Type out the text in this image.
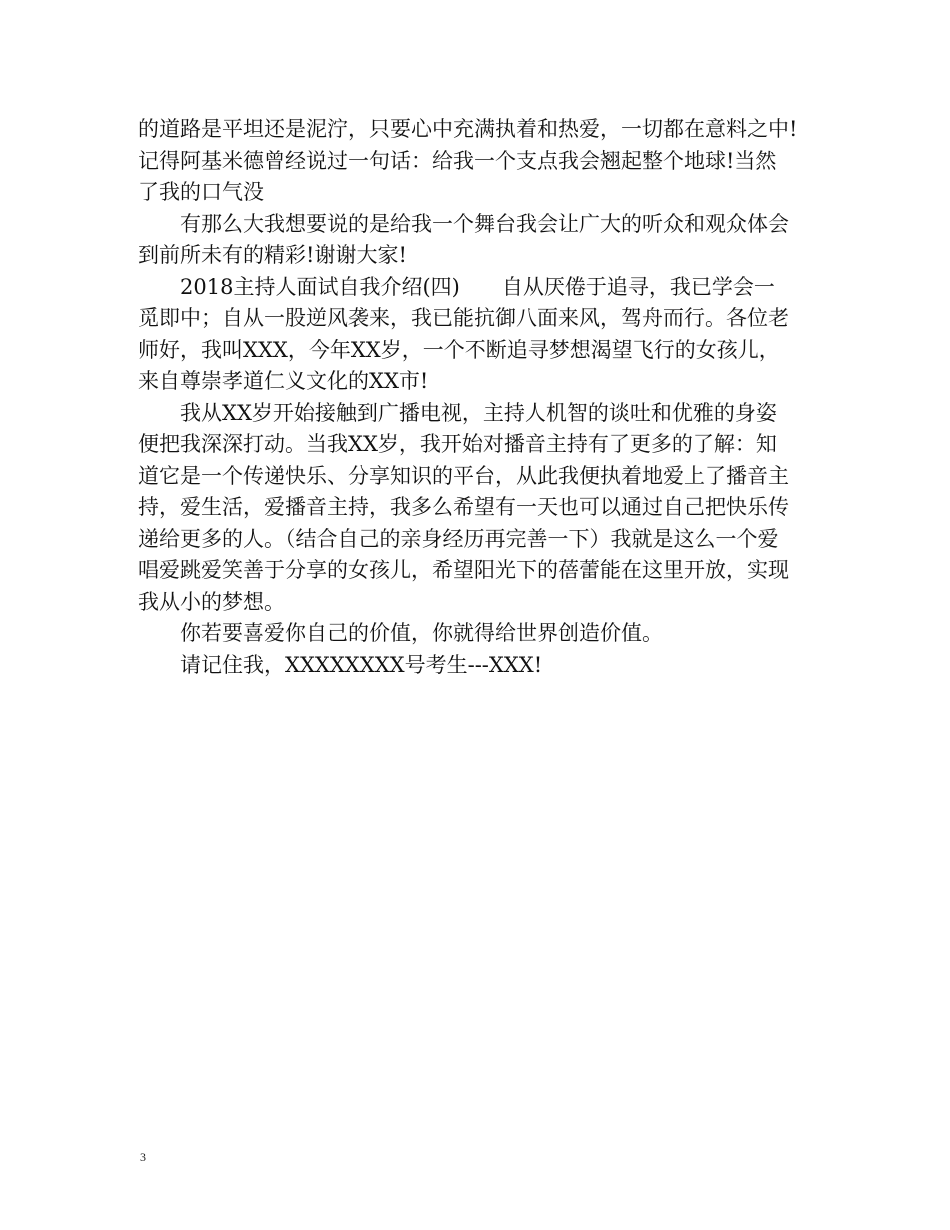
的道路是平坦还是泥泞，只要心中充满执着和热爱，一切都在意料之中!
记得阿基米德曾经说过一句话：给我一个支点我会翘起整个地球!当然
了我的口气没
　　有那么大我想要说的是给我一个舞台我会让广大的听众和观众体会
到前所未有的精彩!谢谢大家!
　　2018主持人面试自我介绍(四)　　自从厌倦于追寻，我已学会一
觅即中；自从一股逆风袭来，我已能抗御八面来风，驾舟而行。各位老
师好，我叫XXX，今年XX岁，一个不断追寻梦想渴望飞行的女孩儿，
来自尊崇孝道仁义文化的XX市!
　　我从XX岁开始接触到广播电视，主持人机智的谈吐和优雅的身姿
便把我深深打动。当我XX岁，我开始对播音主持有了更多的了解：知
道它是一个传递快乐、分享知识的平台，从此我便执着地爱上了播音主
持，爱生活，爱播音主持，我多么希望有一天也可以通过自己把快乐传
递给更多的人。（结合自己的亲身经历再完善一下）我就是这么一个爱
唱爱跳爱笑善于分享的女孩儿，希望阳光下的蓓蕾能在这里开放，实现
我从小的梦想。
　　你若要喜爱你自己的价值，你就得给世界创造价值。
　　请记住我，XXXXXXXX号考生---XXX!
3
